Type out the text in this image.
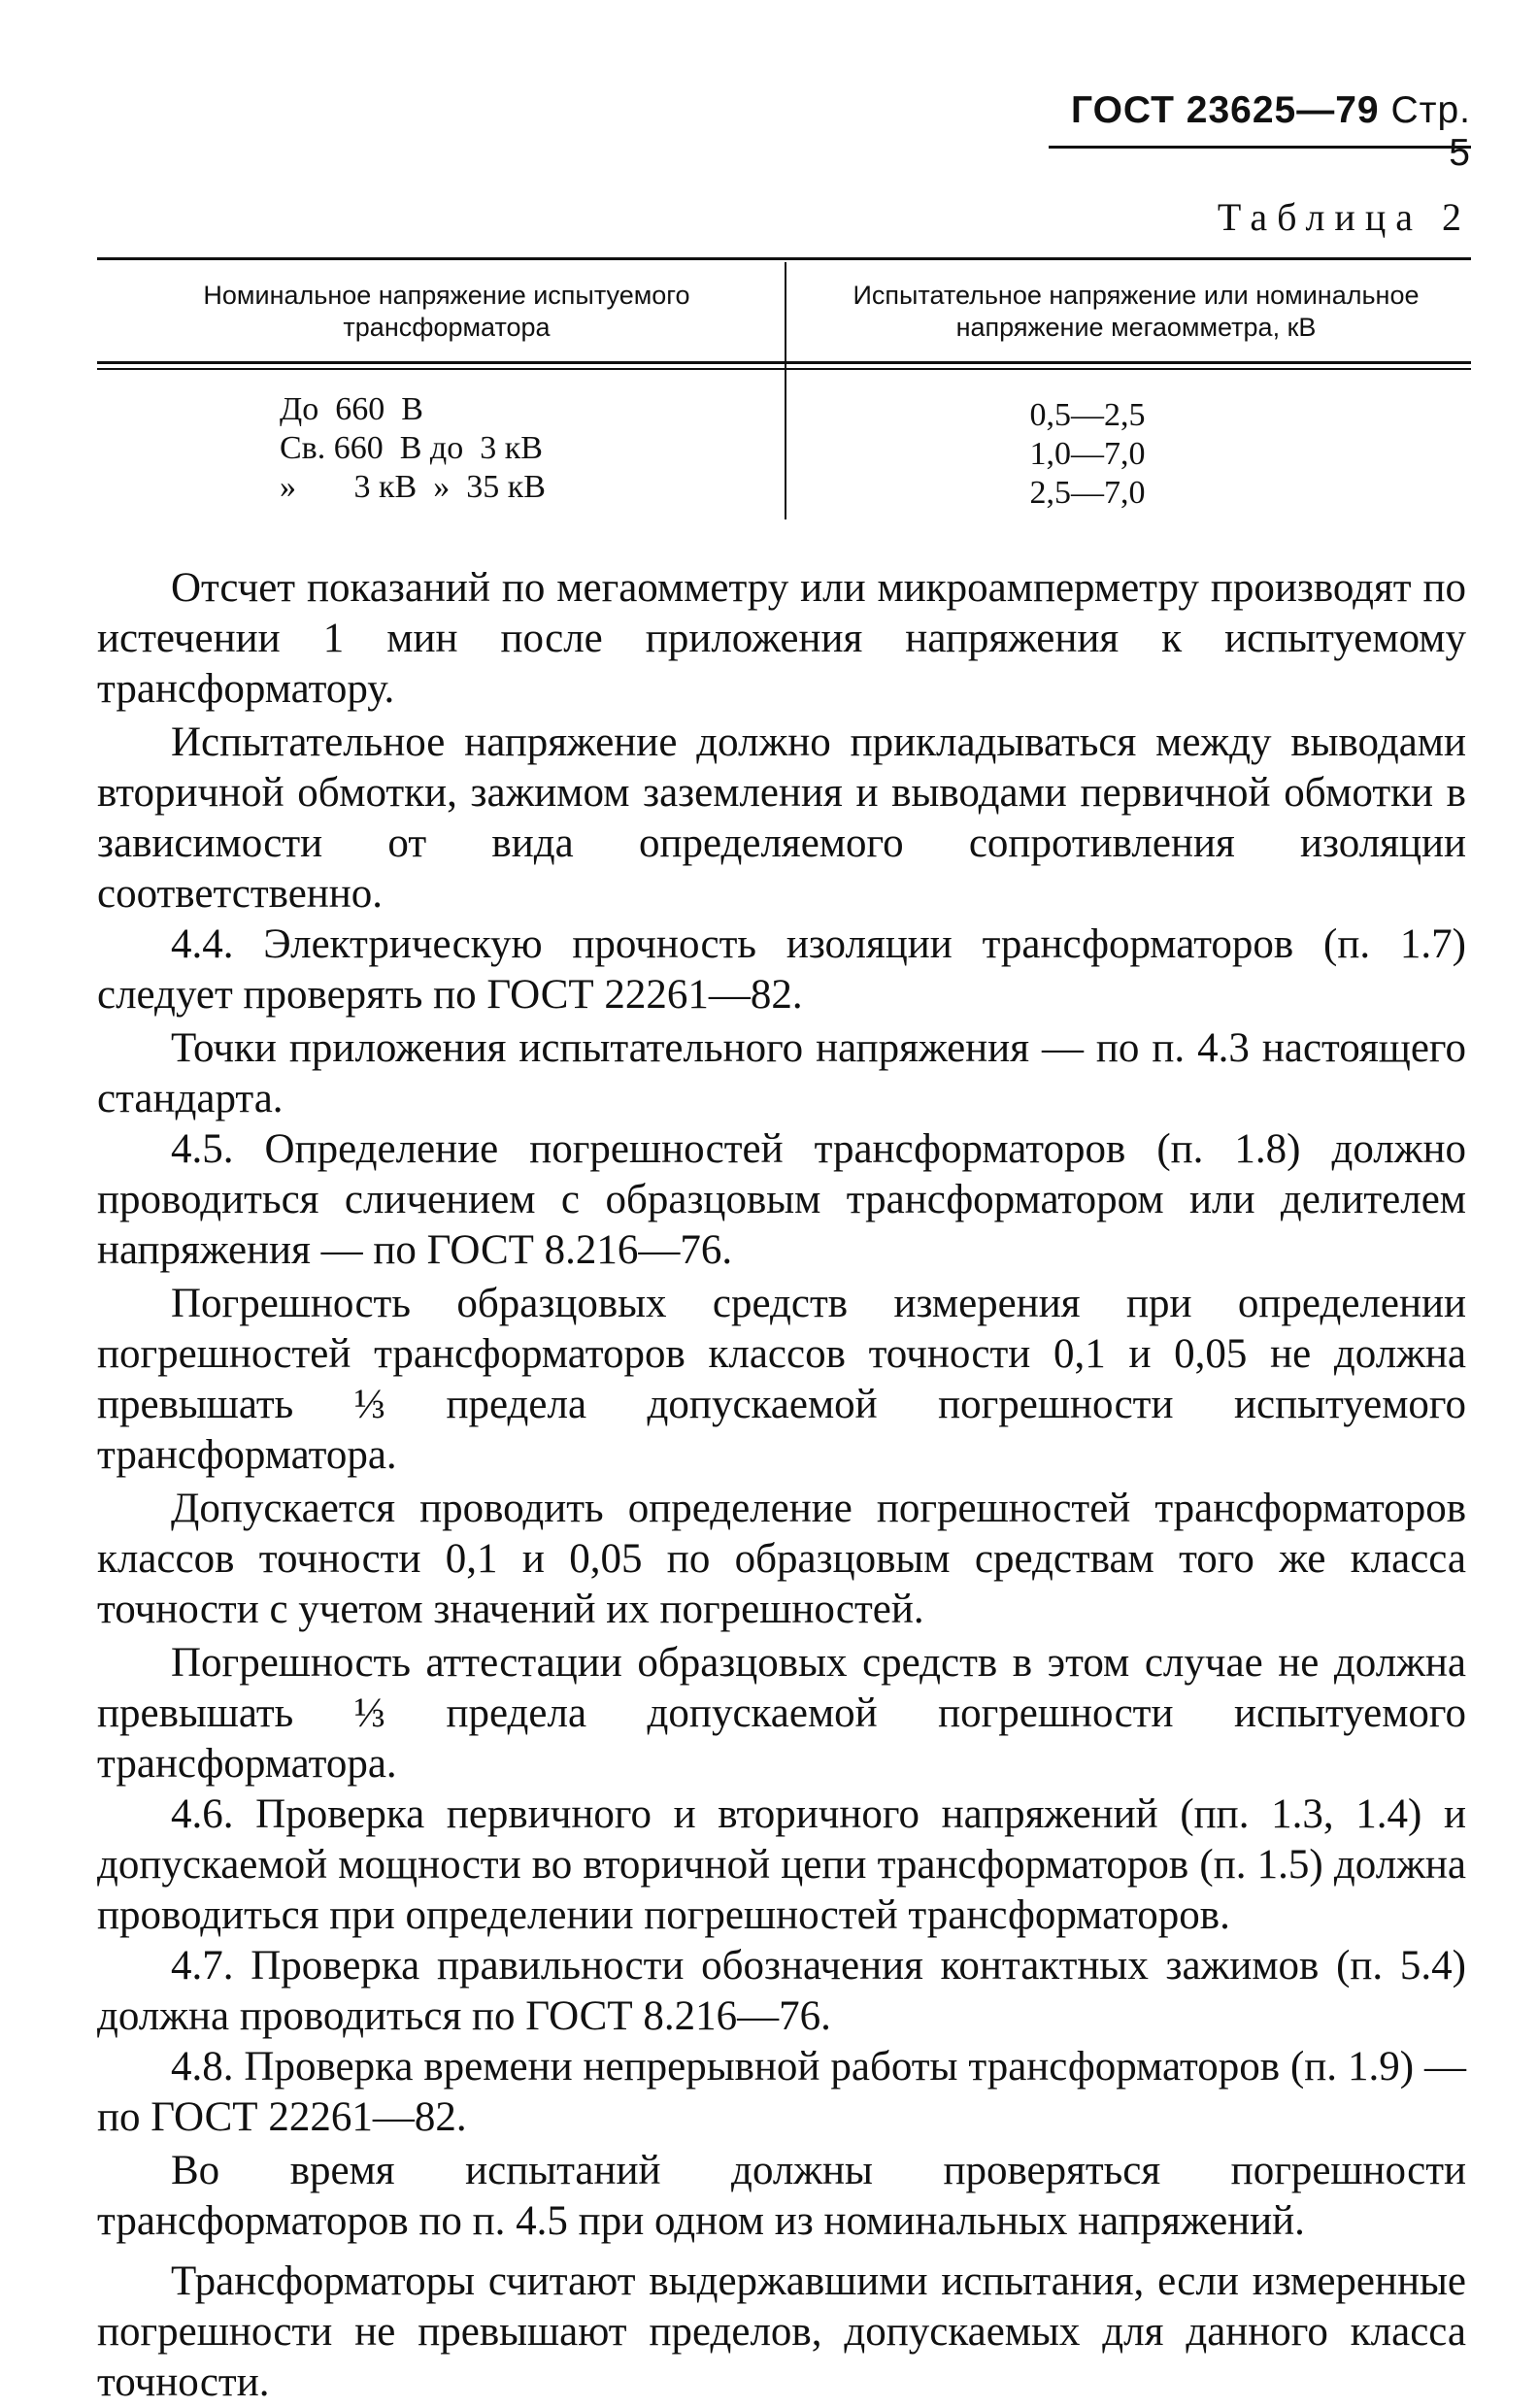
ГОСТ 23625—79 Стр. 5
Таблица 2
Номинальное напряжение испытуемого трансформатора
Испытательное напряжение или номинальное напряжение мегаомметра, кВ
До  660  В	0,5—2,5
Св. 660  В до  3 кВ	1,0—7,0
»       3 кВ  »  35 кВ	2,5—7,0

Отсчет показаний по мегаомметру или микроамперметру производят по истечении 1 мин после приложения напряжения к испытуемому трансформатору.

Испытательное напряжение должно прикладываться между выводами вторичной обмотки, зажимом заземления и выводами первичной обмотки в зависимости от вида определяемого сопротивления изоляции соответственно.

4.4. Электрическую прочность изоляции трансформаторов (п. 1.7) следует проверять по ГОСТ 22261—82.

Точки приложения испытательного напряжения — по п. 4.3 настоящего стандарта.

4.5. Определение погрешностей трансформаторов (п. 1.8) должно проводиться сличением с образцовым трансформатором или делителем напряжения — по ГОСТ 8.216—76.

Погрешность образцовых средств измерения при определении погрешностей трансформаторов классов точности 0,1 и 0,05 не должна превышать ⅓ предела допускаемой погрешности испытуемого трансформатора.

Допускается проводить определение погрешностей трансформаторов классов точности 0,1 и 0,05 по образцовым средствам того же класса точности с учетом значений их погрешностей.

Погрешность аттестации образцовых средств в этом случае не должна превышать ⅓ предела допускаемой погрешности испытуемого трансформатора.

4.6. Проверка первичного и вторичного напряжений (пп. 1.3, 1.4) и допускаемой мощности во вторичной цепи трансформаторов (п. 1.5) должна проводиться при определении погрешностей трансформаторов.

4.7. Проверка правильности обозначения контактных зажимов (п. 5.4) должна проводиться по ГОСТ 8.216—76.

4.8. Проверка времени непрерывной работы трансформаторов (п. 1.9) — по ГОСТ 22261—82.

Во время испытаний должны проверяться погрешности трансформаторов по п. 4.5 при одном из номинальных напряжений.

Трансформаторы считают выдержавшими испытания, если измеренные погрешности не превышают пределов, допускаемых для данного класса точности.
